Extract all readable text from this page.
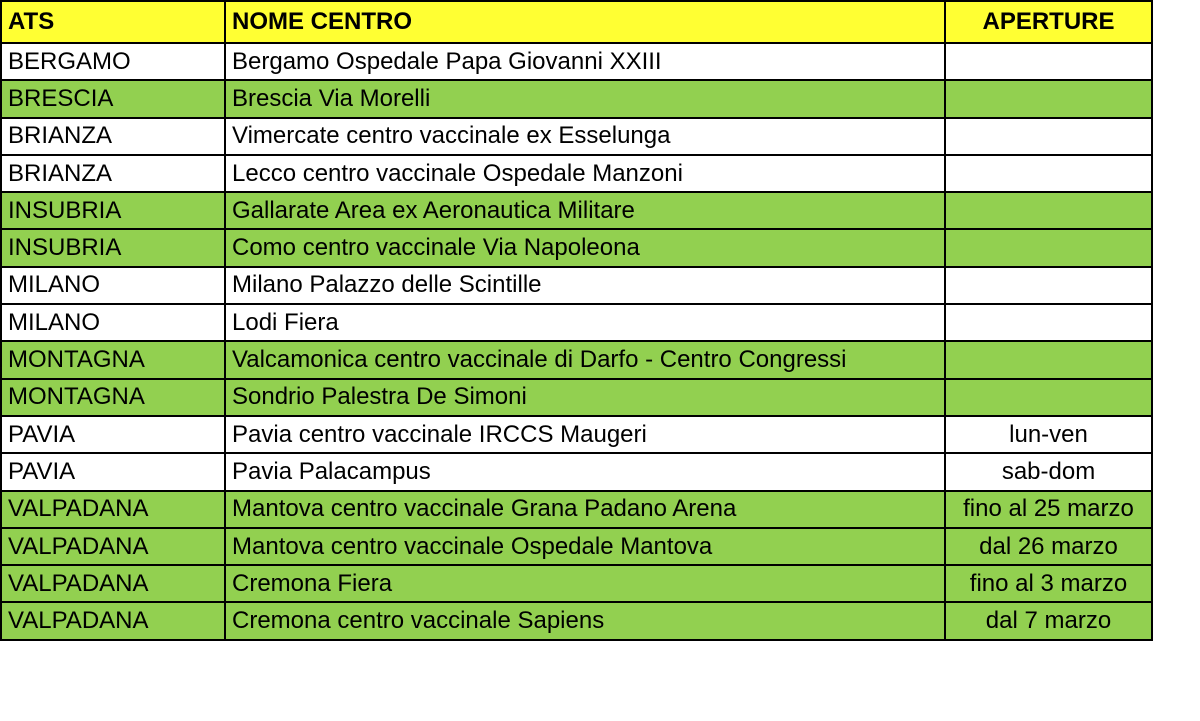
ATS	NOME CENTRO	APERTURE
BERGAMO	Bergamo Ospedale Papa Giovanni XXIII	
BRESCIA	Brescia Via Morelli	
BRIANZA	Vimercate centro vaccinale ex Esselunga	
BRIANZA	Lecco centro vaccinale Ospedale Manzoni	
INSUBRIA	Gallarate Area ex Aeronautica Militare	
INSUBRIA	Como centro vaccinale Via Napoleona	
MILANO	Milano Palazzo delle Scintille	
MILANO	Lodi Fiera	
MONTAGNA	Valcamonica centro vaccinale di Darfo - Centro Congressi	
MONTAGNA	Sondrio Palestra De Simoni	
PAVIA	Pavia centro vaccinale IRCCS Maugeri	lun-ven
PAVIA	Pavia Palacampus	sab-dom
VALPADANA	Mantova centro vaccinale Grana Padano Arena	fino al 25 marzo
VALPADANA	Mantova centro vaccinale Ospedale Mantova	dal 26 marzo
VALPADANA	Cremona Fiera	fino al 3 marzo
VALPADANA	Cremona centro vaccinale Sapiens	dal 7 marzo
